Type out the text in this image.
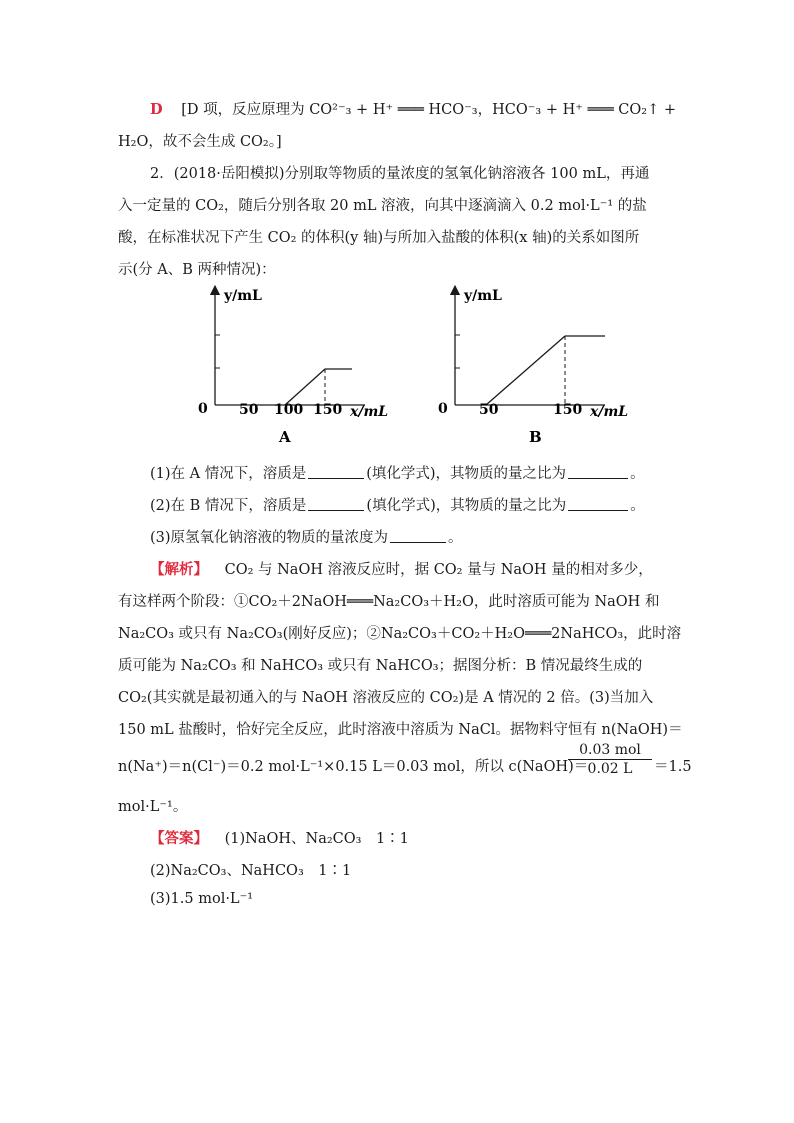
D [D 项，反应原理为 CO²⁻₃ + H⁺ ═══ HCO⁻₃，HCO⁻₃ + H⁺ ═══ CO₂↑ +
H₂O，故不会生成 CO₂。]
2．(2018·岳阳模拟)分别取等物质的量浓度的氢氧化钠溶液各 100 mL，再通
入一定量的 CO₂，随后分别各取 20 mL 溶液，向其中逐滴滴入 0.2 mol·L⁻¹ 的盐
酸，在标准状况下产生 CO₂ 的体积(y 轴)与所加入盐酸的体积(x 轴)的关系如图所
示(分 A、B 两种情况)：
y/mL
0 50 100 150 x/mL
A
y/mL
0 50	150 x/mL
B
(1)在 A 情况下，溶质是	(填化学式)，其物质的量之比为	。
(2)在 B 情况下，溶质是	(填化学式)，其物质的量之比为	。
(3)原氢氧化钠溶液的物质的量浓度为	。
【解析】 CO₂ 与 NaOH 溶液反应时，据 CO₂ 量与 NaOH 量的相对多少，
有这样两个阶段：①CO₂＋2NaOH═══Na₂CO₃＋H₂O，此时溶质可能为 NaOH 和
Na₂CO₃ 或只有 Na₂CO₃(刚好反应)；②Na₂CO₃＋CO₂＋H₂O═══2NaHCO₃，此时溶
质可能为 Na₂CO₃ 和 NaHCO₃ 或只有 NaHCO₃；据图分析：B 情况最终生成的
CO₂(其实就是最初通入的与 NaOH 溶液反应的 CO₂)是 A 情况的 2 倍。(3)当加入
150 mL 盐酸时，恰好完全反应，此时溶液中溶质为 NaCl。据物料守恒有 n(NaOH)＝
n(Na⁺)＝n(Cl⁻)＝0.2 mol·L⁻¹×0.15 L＝0.03 mol，所以 c(NaOH)＝
0.03 mol
0.02 L	＝1.5
mol·L⁻¹。
【答案】 (1)NaOH、Na₂CO₃　1∶1
(2)Na₂CO₃、NaHCO₃　1∶1
(3)1.5 mol·L⁻¹
